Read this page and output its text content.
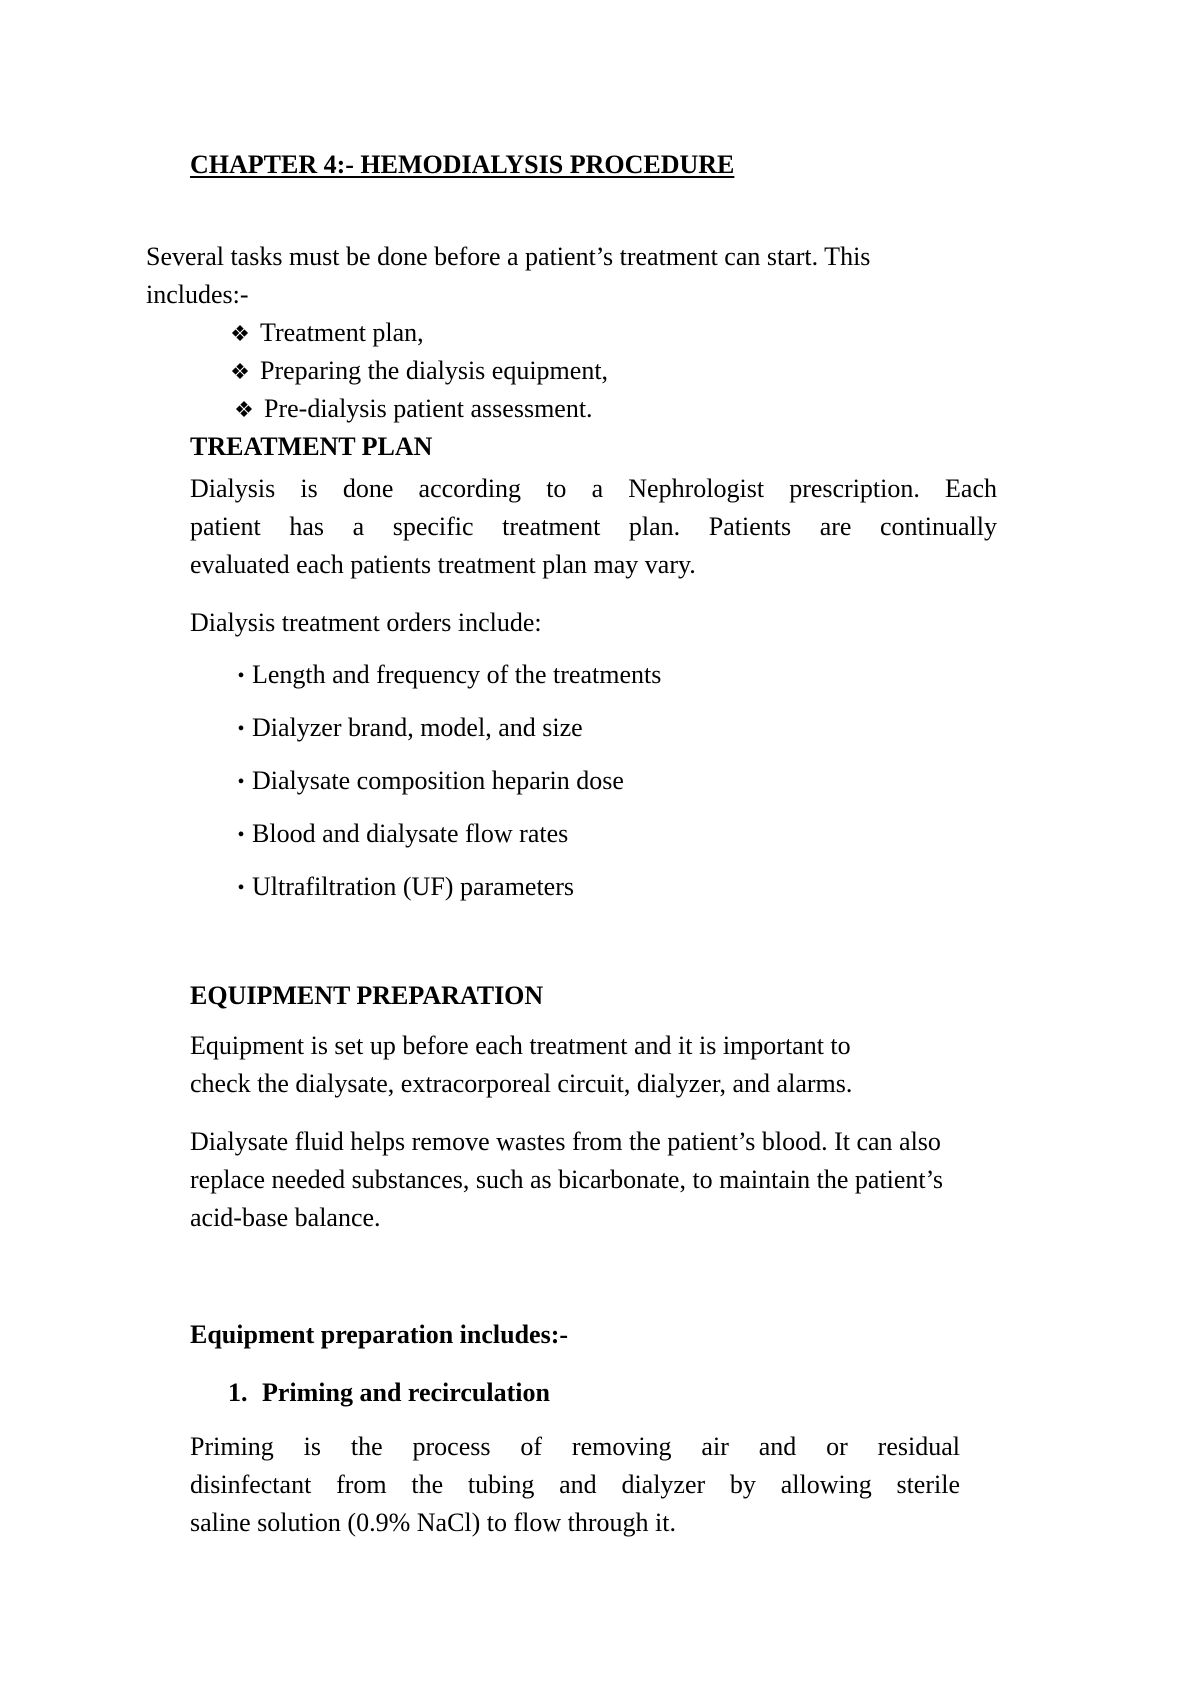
CHAPTER 4:- HEMODIALYSIS PROCEDURE
Several tasks must be done before a patient’s treatment can start. This
includes:-
❖ Treatment plan,
❖ Preparing the dialysis equipment,
❖ Pre-dialysis patient assessment.
TREATMENT PLAN
Dialysis is done according to a Nephrologist prescription. Each
patient has a specific treatment plan. Patients are continually
evaluated each patients treatment plan may vary.
Dialysis treatment orders include:
• Length and frequency of the treatments
• Dialyzer brand, model, and size
• Dialysate composition heparin dose
• Blood and dialysate flow rates
• Ultrafiltration (UF) parameters
EQUIPMENT PREPARATION
Equipment is set up before each treatment and it is important to
check the dialysate, extracorporeal circuit, dialyzer, and alarms.
Dialysate fluid helps remove wastes from the patient’s blood. It can also
replace needed substances, such as bicarbonate, to maintain the patient’s
acid-base balance.
Equipment preparation includes:-
1. Priming and recirculation
Priming is the process of removing air and or residual
disinfectant from the tubing and dialyzer by allowing sterile
saline solution (0.9% NaCl) to flow through it.
